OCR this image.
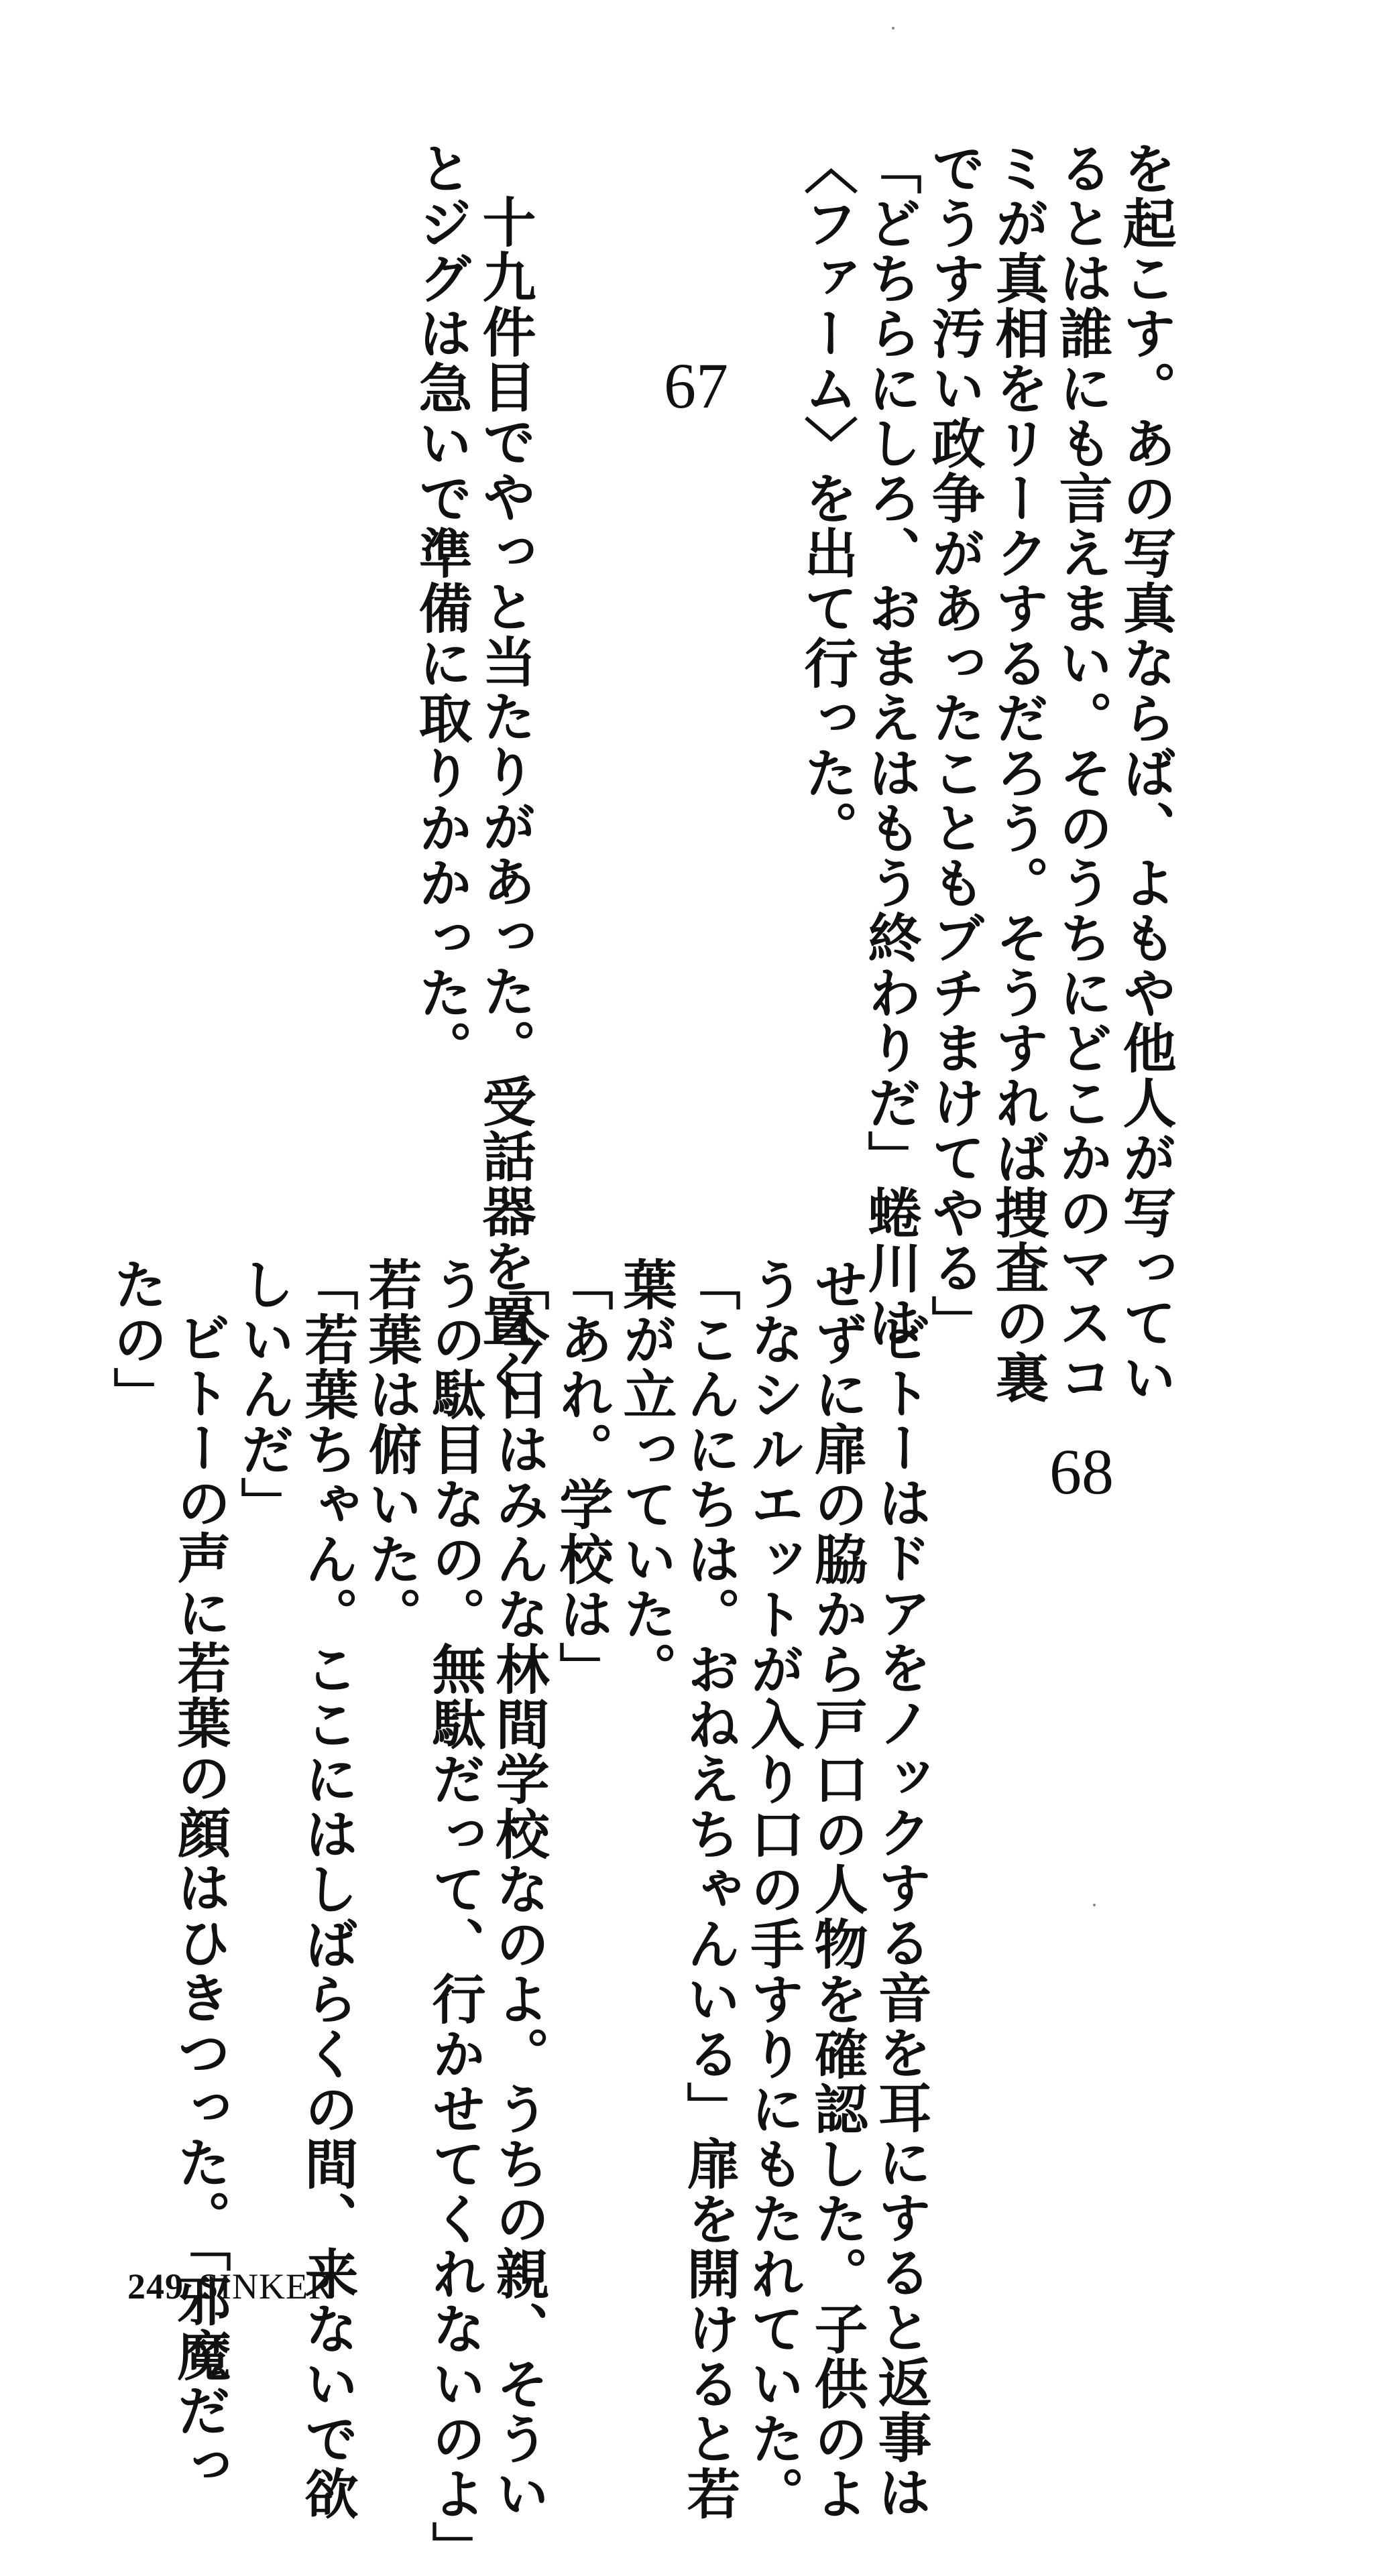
を起こす。あの写真ならば、よもや他人が写ってい
るとは誰にも言えまい。そのうちにどこかのマスコ
ミが真相をリークするだろう。そうすれば捜査の裏
でうす汚い政争があったこともブチまけてやる」
「どちらにしろ、おまえはもう終わりだ」蜷川は
〈ファーム〉を出て行った。
67
十九件目でやっと当たりがあった。受話器を置く
とジグは急いで準備に取りかかった。
68
ビトーはドアをノックする音を耳にすると返事は
せずに扉の脇から戸口の人物を確認した。子供のよ
うなシルエットが入り口の手すりにもたれていた。
「こんにちは。おねえちゃんいる」扉を開けると若
葉が立っていた。
「あれ。学校は」
「今日はみんな林間学校なのよ。うちの親、そうい
うの駄目なの。無駄だって、行かせてくれないのよ」
若葉は俯いた。
「若葉ちゃん。ここにはしばらくの間、来ないで欲
しいんだ」
ビトーの声に若葉の顔はひきつった。「邪魔だっ
たの」
249 SINKER
